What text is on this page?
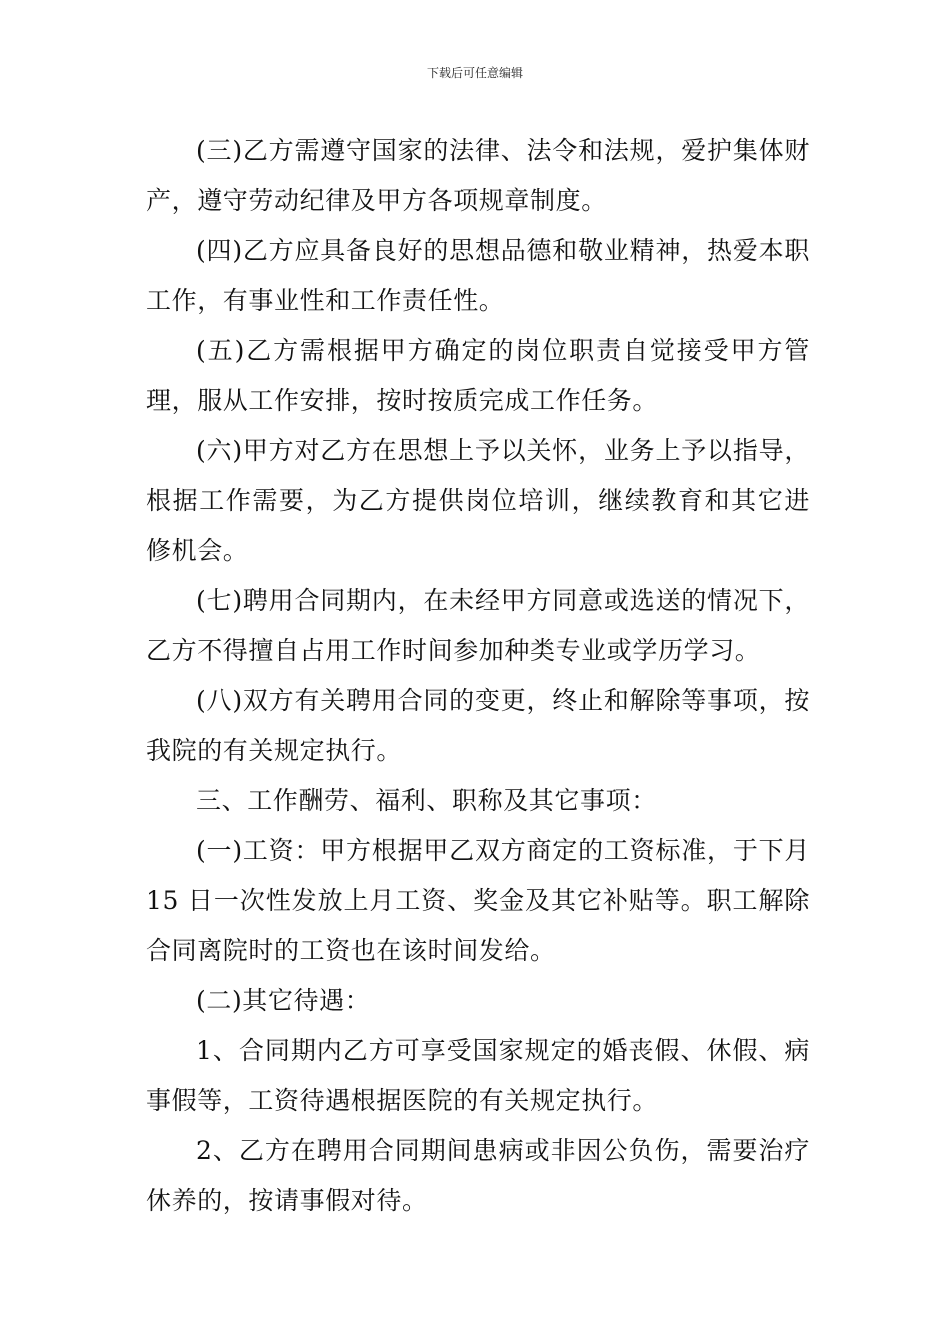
下载后可任意编辑

(三)乙方需遵守国家的法律、法令和法规，爱护集体财产，遵守劳动纪律及甲方各项规章制度。

(四)乙方应具备良好的思想品德和敬业精神，热爱本职工作，有事业性和工作责任性。

(五)乙方需根据甲方确定的岗位职责自觉接受甲方管理，服从工作安排，按时按质完成工作任务。

(六)甲方对乙方在思想上予以关怀，业务上予以指导，根据工作需要，为乙方提供岗位培训，继续教育和其它进修机会。

(七)聘用合同期内，在未经甲方同意或选送的情况下，乙方不得擅自占用工作时间参加种类专业或学历学习。

(八)双方有关聘用合同的变更，终止和解除等事项，按我院的有关规定执行。

三、工作酬劳、福利、职称及其它事项：

(一)工资：甲方根据甲乙双方商定的工资标准，于下月 15 日一次性发放上月工资、奖金及其它补贴等。职工解除合同离院时的工资也在该时间发给。

(二)其它待遇：

1、合同期内乙方可享受国家规定的婚丧假、休假、病事假等，工资待遇根据医院的有关规定执行。

2、乙方在聘用合同期间患病或非因公负伤，需要治疗休养的，按请事假对待。
